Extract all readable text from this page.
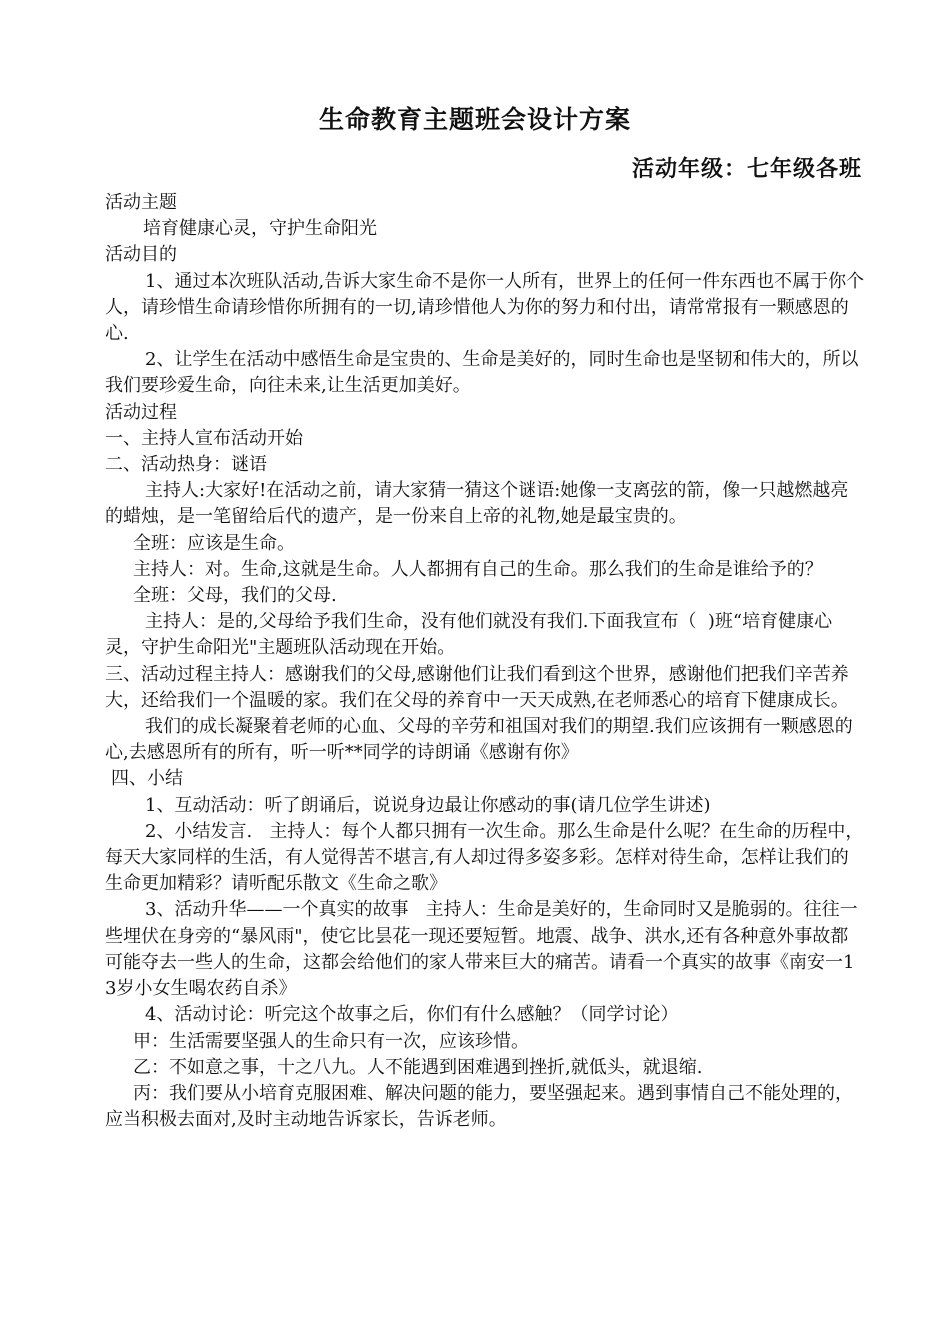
生命教育主题班会设计方案
活动年级：七年级各班

活动主题

培育健康心灵，守护生命阳光

活动目的

1、通过本次班队活动,告诉大家生命不是你一人所有，世界上的任何一件东西也不属于你个人，请珍惜生命请珍惜你所拥有的一切,请珍惜他人为你的努力和付出，请常常报有一颗感恩的心.

2、让学生在活动中感悟生命是宝贵的、生命是美好的，同时生命也是坚韧和伟大的，所以我们要珍爱生命，向往未来,让生活更加美好。

活动过程

一、主持人宣布活动开始

二、活动热身：谜语

主持人:大家好!在活动之前，请大家猜一猜这个谜语:她像一支离弦的箭，像一只越燃越亮的蜡烛，是一笔留给后代的遗产，是一份来自上帝的礼物,她是最宝贵的。

全班：应该是生命。

主持人：对。生命,这就是生命。人人都拥有自己的生命。那么我们的生命是谁给予的？

全班：父母，我们的父母.

主持人：是的,父母给予我们生命，没有他们就没有我们.下面我宣布（  )班“培育健康心灵，守护生命阳光"主题班队活动现在开始。

三、活动过程主持人：感谢我们的父母,感谢他们让我们看到这个世界，感谢他们把我们辛苦养大，还给我们一个温暖的家。我们在父母的养育中一天天成熟,在老师悉心的培育下健康成长。

我们的成长凝聚着老师的心血、父母的辛劳和祖国对我们的期望.我们应该拥有一颗感恩的心,去感恩所有的所有，听一听**同学的诗朗诵《感谢有你》

四、小结

1、互动活动：听了朗诵后，说说身边最让你感动的事(请几位学生讲述)

2、小结发言.   主持人：每个人都只拥有一次生命。那么生命是什么呢？在生命的历程中，每天大家同样的生活，有人觉得苦不堪言,有人却过得多姿多彩。怎样对待生命，怎样让我们的生命更加精彩？请听配乐散文《生命之歌》

3、活动升华——一个真实的故事   主持人：生命是美好的，生命同时又是脆弱的。往往一些埋伏在身旁的“暴风雨"，使它比昙花一现还要短暂。地震、战争、洪水,还有各种意外事故都可能夺去一些人的生命，这都会给他们的家人带来巨大的痛苦。请看一个真实的故事《南安一13岁小女生喝农药自杀》

4、活动讨论：听完这个故事之后，你们有什么感触？（同学讨论）

甲：生活需要坚强人的生命只有一次，应该珍惜。

乙：不如意之事，十之八九。人不能遇到困难遇到挫折,就低头，就退缩.

丙：我们要从小培育克服困难、解决问题的能力，要坚强起来。遇到事情自己不能处理的，应当积极去面对,及时主动地告诉家长，告诉老师。
